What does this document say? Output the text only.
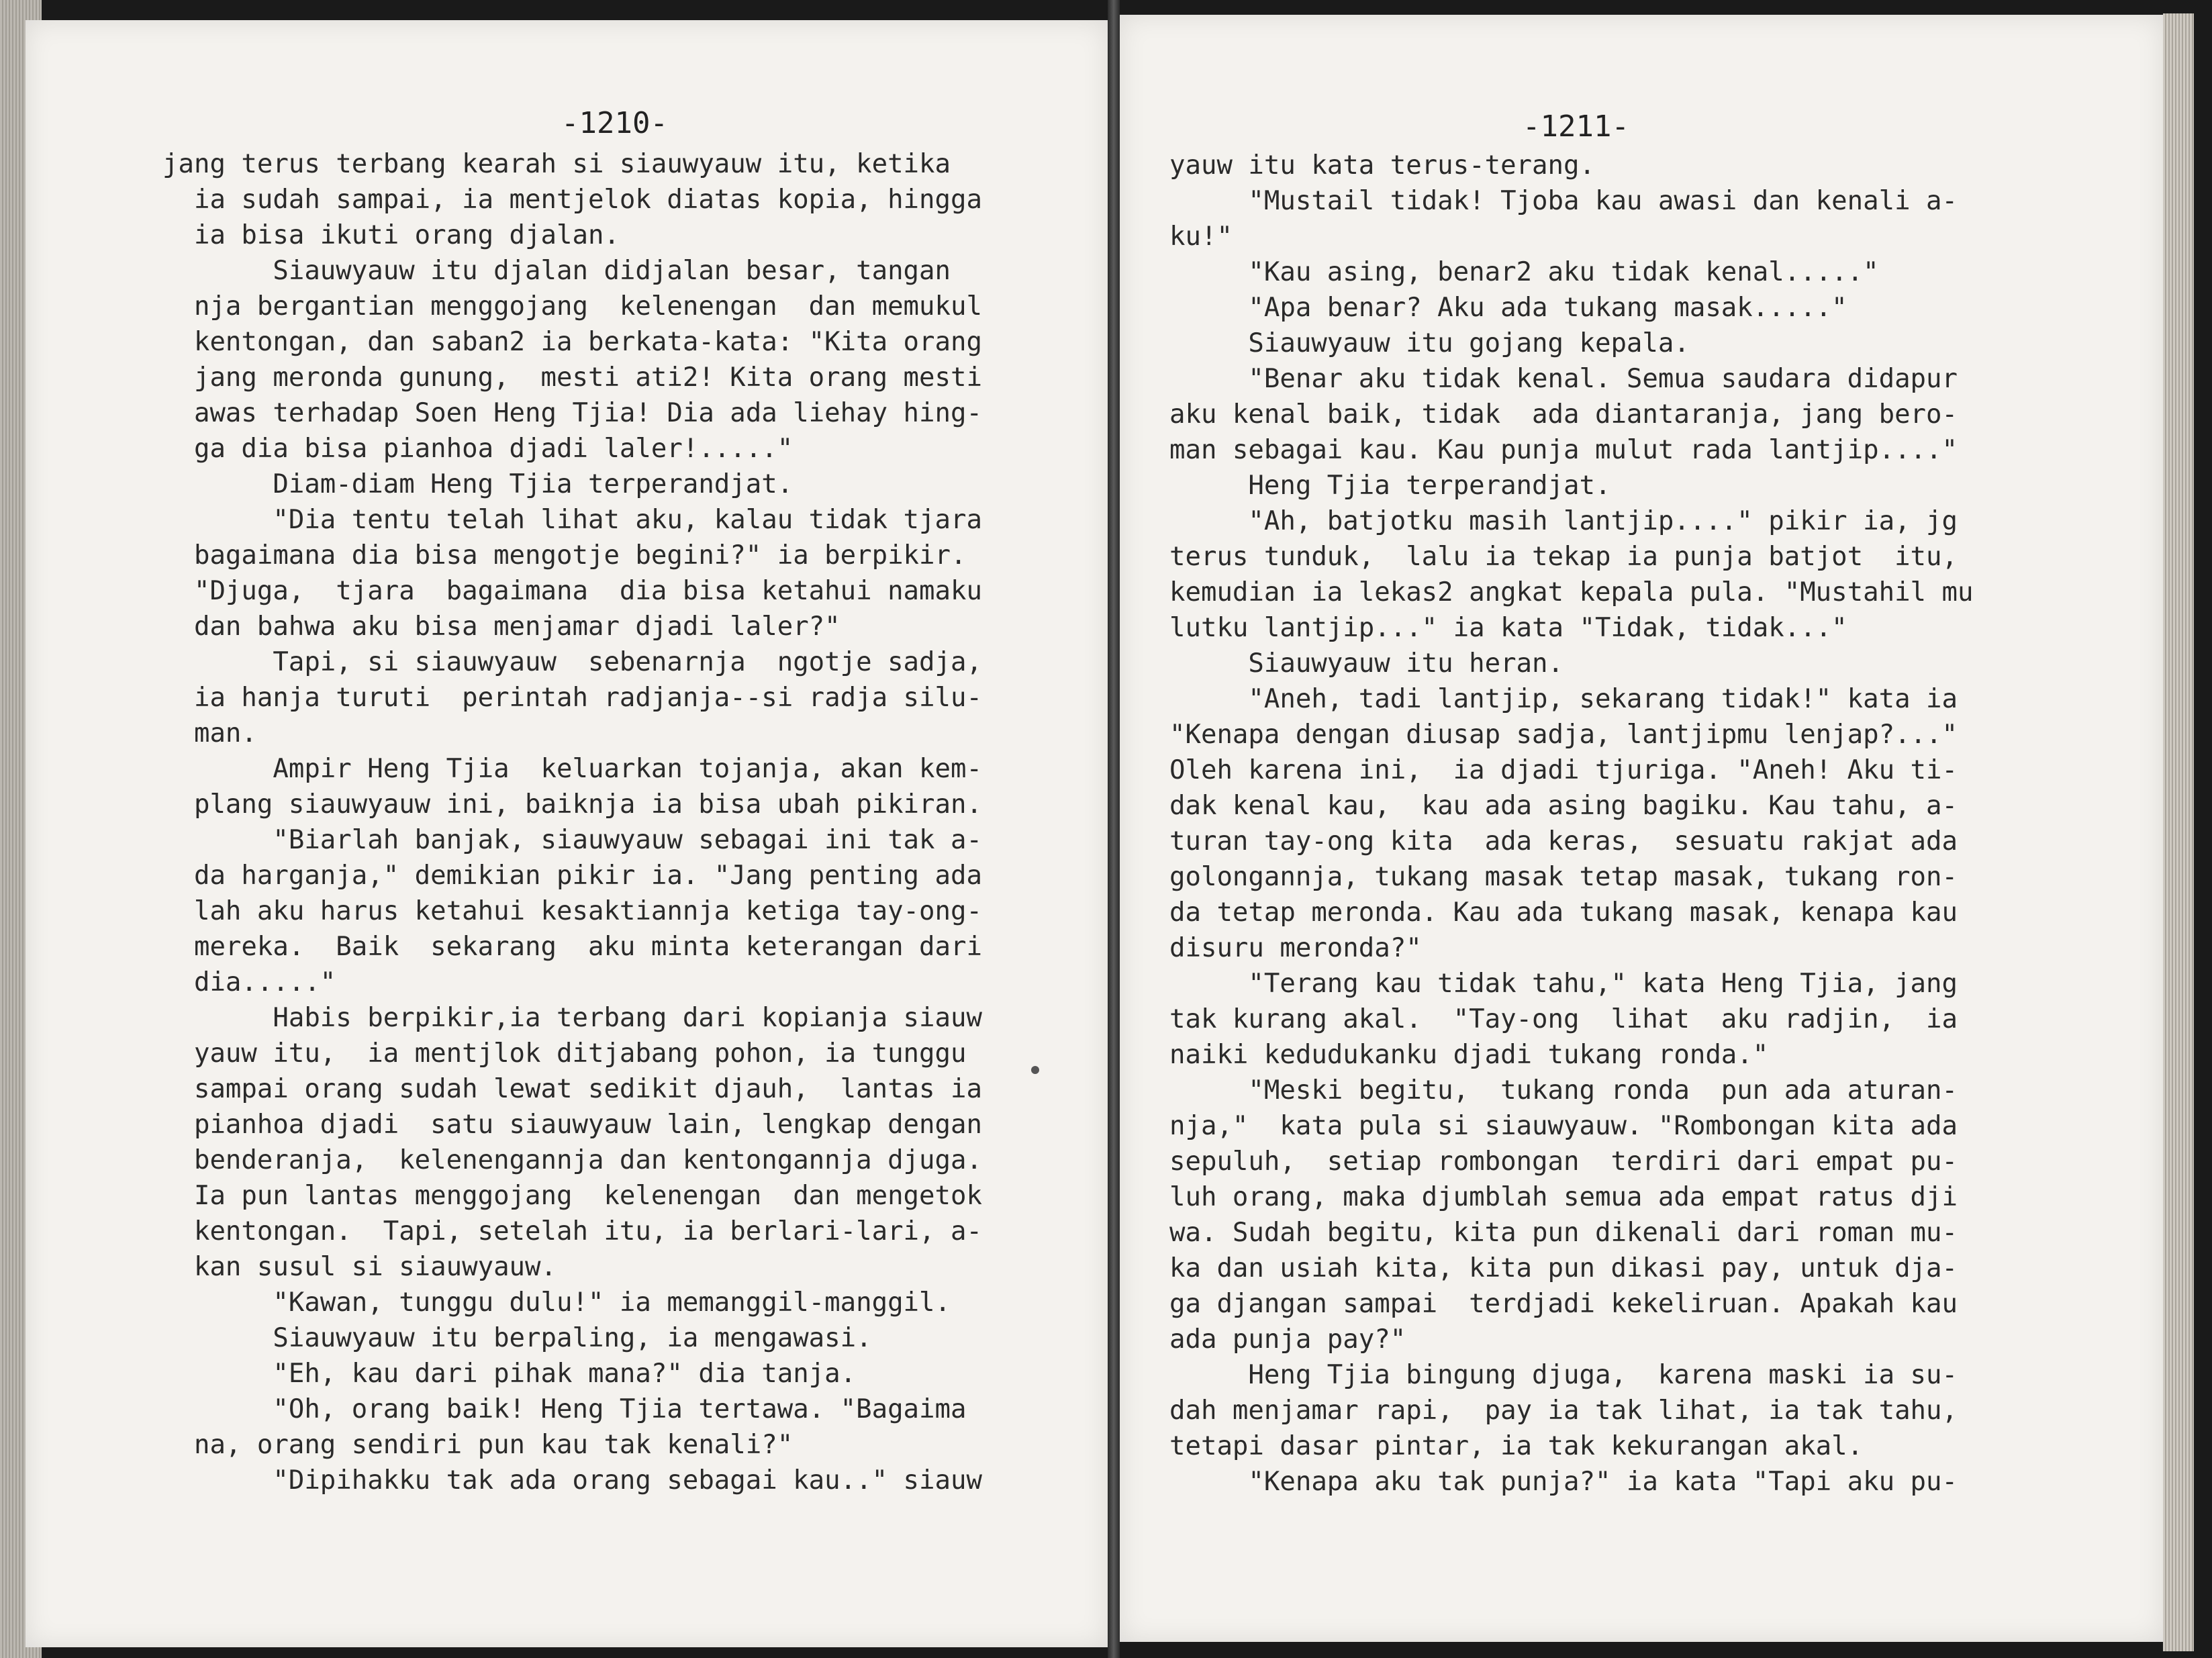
-1210-
jang terus terbang kearah si siauwyauw itu, ketika
ia sudah sampai, ia mentjelok diatas kopia, hingga
ia bisa ikuti orang djalan.
Siauwyauw itu djalan didjalan besar, tangan
nja bergantian menggojang  kelenengan  dan memukul
kentongan, dan saban2 ia berkata-kata: "Kita orang
jang meronda gunung,  mesti ati2! Kita orang mesti
awas terhadap Soen Heng Tjia! Dia ada liehay hing-
ga dia bisa pianhoa djadi laler!....."
Diam-diam Heng Tjia terperandjat.
"Dia tentu telah lihat aku, kalau tidak tjara
bagaimana dia bisa mengotje begini?" ia berpikir.
"Djuga,  tjara  bagaimana  dia bisa ketahui namaku
dan bahwa aku bisa menjamar djadi laler?"
Tapi, si siauwyauw  sebenarnja  ngotje sadja,
ia hanja turuti  perintah radjanja--si radja silu-
man.
Ampir Heng Tjia  keluarkan tojanja, akan kem-
plang siauwyauw ini, baiknja ia bisa ubah pikiran.
"Biarlah banjak, siauwyauw sebagai ini tak a-
da harganja," demikian pikir ia. "Jang penting ada
lah aku harus ketahui kesaktiannja ketiga tay-ong-
mereka.  Baik  sekarang  aku minta keterangan dari
dia....."
Habis berpikir,ia terbang dari kopianja siauw
yauw itu,  ia mentjlok ditjabang pohon, ia tunggu
sampai orang sudah lewat sedikit djauh,  lantas ia
pianhoa djadi  satu siauwyauw lain, lengkap dengan
benderanja,  kelenengannja dan kentongannja djuga.
Ia pun lantas menggojang  kelenengan  dan mengetok
kentongan.  Tapi, setelah itu, ia berlari-lari, a-
kan susul si siauwyauw.
"Kawan, tunggu dulu!" ia memanggil-manggil.
Siauwyauw itu berpaling, ia mengawasi.
"Eh, kau dari pihak mana?" dia tanja.
"Oh, orang baik! Heng Tjia tertawa. "Bagaima
na, orang sendiri pun kau tak kenali?"
"Dipihakku tak ada orang sebagai kau.." siauw
-1211-
yauw itu kata terus-terang.
"Mustail tidak! Tjoba kau awasi dan kenali a-
ku!"
"Kau asing, benar2 aku tidak kenal....."
"Apa benar? Aku ada tukang masak....."
Siauwyauw itu gojang kepala.
"Benar aku tidak kenal. Semua saudara didapur
aku kenal baik, tidak  ada diantaranja, jang bero-
man sebagai kau. Kau punja mulut rada lantjip...."
Heng Tjia terperandjat.
"Ah, batjotku masih lantjip...." pikir ia, jg
terus tunduk,  lalu ia tekap ia punja batjot  itu,
kemudian ia lekas2 angkat kepala pula. "Mustahil mu
lutku lantjip..." ia kata "Tidak, tidak..."
Siauwyauw itu heran.
"Aneh, tadi lantjip, sekarang tidak!" kata ia
"Kenapa dengan diusap sadja, lantjipmu lenjap?..."
Oleh karena ini,  ia djadi tjuriga. "Aneh! Aku ti-
dak kenal kau,  kau ada asing bagiku. Kau tahu, a-
turan tay-ong kita  ada keras,  sesuatu rakjat ada
golongannja, tukang masak tetap masak, tukang ron-
da tetap meronda. Kau ada tukang masak, kenapa kau
disuru meronda?"
"Terang kau tidak tahu," kata Heng Tjia, jang
tak kurang akal.  "Tay-ong  lihat  aku radjin,  ia
naiki kedudukanku djadi tukang ronda."
"Meski begitu,  tukang ronda  pun ada aturan-
nja,"  kata pula si siauwyauw. "Rombongan kita ada
sepuluh,  setiap rombongan  terdiri dari empat pu-
luh orang, maka djumblah semua ada empat ratus dji
wa. Sudah begitu, kita pun dikenali dari roman mu-
ka dan usiah kita, kita pun dikasi pay, untuk dja-
ga djangan sampai  terdjadi kekeliruan. Apakah kau
ada punja pay?"
Heng Tjia bingung djuga,  karena maski ia su-
dah menjamar rapi,  pay ia tak lihat, ia tak tahu,
tetapi dasar pintar, ia tak kekurangan akal.
"Kenapa aku tak punja?" ia kata "Tapi aku pu-
